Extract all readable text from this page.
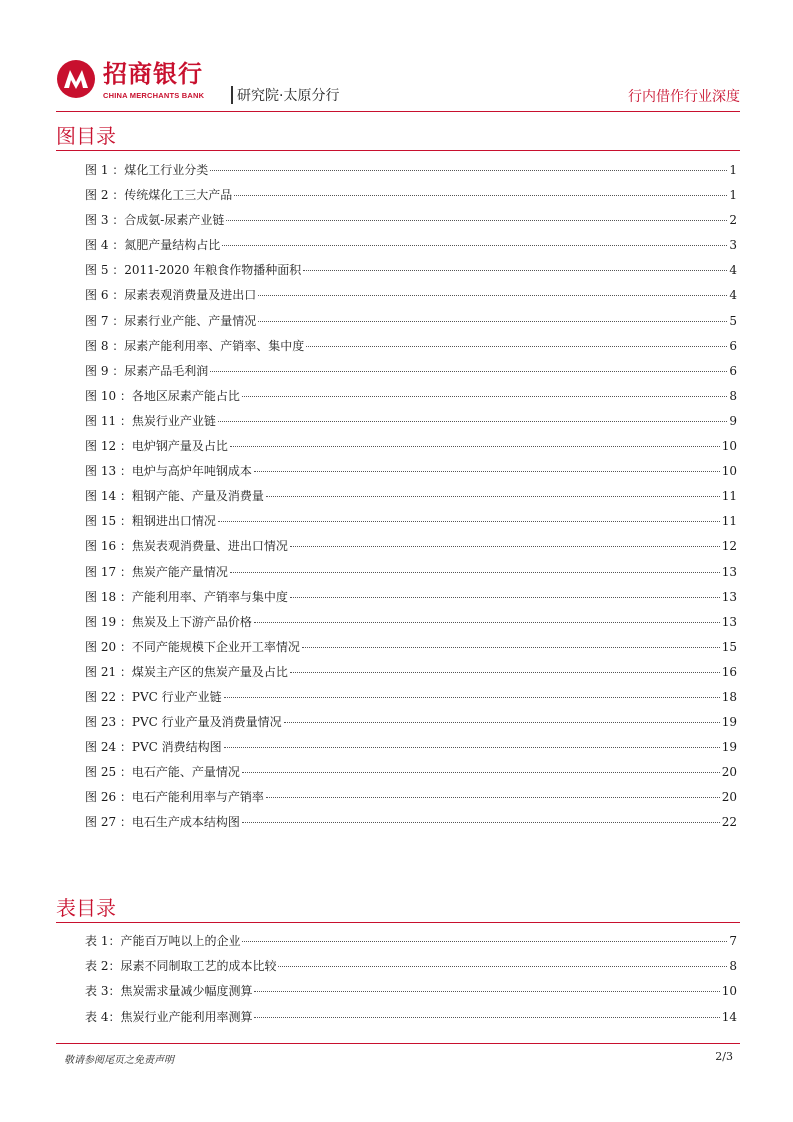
招商银行
CHINA MERCHANTS BANK 研究院·太原分行	行内借作行业深度
图目录
图 1 ：煤化工行业分类	1
图 2 ：传统煤化工三大产品	1
图 3 ：合成氨-尿素产业链	2
图 4 ：氮肥产量结构占比	3
图 5 ：2011-2020 年粮食作物播种面积	4
图 6 ：尿素表观消费量及进出口	4
图 7 ：尿素行业产能、产量情况	5
图 8 ：尿素产能利用率、产销率、集中度	6
图 9 ：尿素产品毛利润	6
图 10 ：各地区尿素产能占比	8
图 11 ：焦炭行业产业链	9
图 12 ：电炉钢产量及占比	10
图 13 ：电炉与高炉年吨钢成本	10
图 14 ：粗钢产能、产量及消费量	11
图 15 ：粗钢进出口情况	11
图 16 ：焦炭表观消费量、进出口情况	12
图 17 ：焦炭产能产量情况	13
图 18 ：产能利用率、产销率与集中度	13
图 19 ：焦炭及上下游产品价格	13
图 20 ：不同产能规模下企业开工率情况	15
图 21 ：煤炭主产区的焦炭产量及占比	16
图 22 ：PVC 行业产业链	18
图 23 ：PVC 行业产量及消费量情况	19
图 24 ：PVC 消费结构图	19
图 25 ：电石产能、产量情况	20
图 26 ：电石产能利用率与产销率	20
图 27 ：电石生产成本结构图	22
表目录
表 1：产能百万吨以上的企业	7
表 2：尿素不同制取工艺的成本比较	8
表 3：焦炭需求量减少幅度测算	10
表 4：焦炭行业产能利用率测算	14
敬请参阅尾页之免责声明	2/3
